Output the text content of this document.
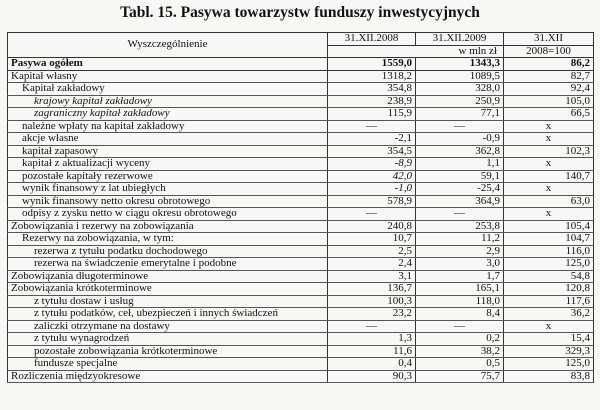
Tabl. 15. Pasywa towarzystw funduszy inwestycyjnych
Wyszczególnienie	31.XII.2008	31.XII.2009	31.XII
	w mln zł		2008=100
Pasywa ogółem	1559,0	1343,3	86,2
Kapitał własny	1318,2	1089,5	82,7
Kapitał zakładowy	354,8	328,0	92,4
krajowy kapitał zakładowy	238,9	250,9	105,0
zagraniczny kapitał zakładowy	115,9	77,1	66,5
należne wpłaty na kapitał zakładowy	—	—	x
akcje własne	-2,1	-0,9	x
kapitał zapasowy	354,5	362,8	102,3
kapitał z aktualizacji wyceny	-8,9	1,1	x
pozostałe kapitały rezerwowe	42,0	59,1	140,7
wynik finansowy z lat ubiegłych	-1,0	-25,4	x
wynik finansowy netto okresu obrotowego	578,9	364,9	63,0
odpisy z zysku netto w ciągu okresu obrotowego	—	—	x
Zobowiązania i rezerwy na zobowiązania	240,8	253,8	105,4
Rezerwy na zobowiązania, w tym:	10,7	11,2	104,7
rezerwa z tytułu podatku dochodowego	2,5	2,9	116,0
rezerwa na świadczenie emerytalne i podobne	2,4	3,0	125,0
Zobowiązania długoterminowe	3,1	1,7	54,8
Zobowiązania krótkoterminowe	136,7	165,1	120,8
z tytułu dostaw i usług	100,3	118,0	117,6
z tytułu podatków, ceł, ubezpieczeń i innych świadczeń	23,2	8,4	36,2
zaliczki otrzymane na dostawy	—	—	x
z tytułu wynagrodzeń	1,3	0,2	15,4
pozostałe zobowiązania krótkoterminowe	11,6	38,2	329,3
fundusze specjalne	0,4	0,5	125,0
Rozliczenia międzyokresowe	90,3	75,7	83,8
